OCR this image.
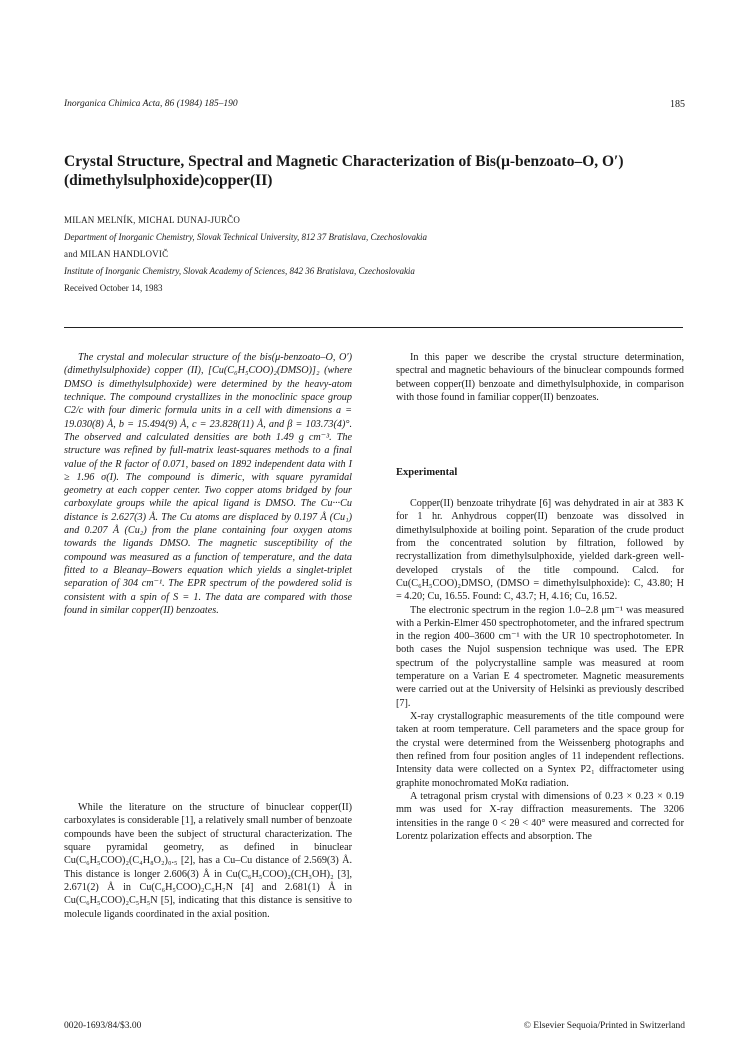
Inorganica Chimica Acta, 86 (1984) 185–190	185
Crystal Structure, Spectral and Magnetic Characterization of Bis(μ-benzoato–O, O′)(dimethylsulphoxide)copper(II)
MILAN MELNÍK, MICHAL DUNAJ-JURČO
Department of Inorganic Chemistry, Slovak Technical University, 812 37 Bratislava, Czechoslovakia
and MILAN HANDLOVIČ
Institute of Inorganic Chemistry, Slovak Academy of Sciences, 842 36 Bratislava, Czechoslovakia
Received October 14, 1983

The crystal and molecular structure of the bis(μ-benzoato–O, O′) (dimethylsulphoxide) copper (II), [Cu(C₆H₅COO)₂(DMSO)]₂ (where DMSO is dimethylsulphoxide) were determined by the heavy-atom technique. The compound crystallizes in the monoclinic space group C2/c with four dimeric formula units in a cell with dimensions a = 19.030(8) Å, b = 15.494(9) Å, c = 23.828(11) Å, and β = 103.73(4)°. The observed and calculated densities are both 1.49 g cm⁻³. The structure was refined by full-matrix least-squares methods to a final value of the R factor of 0.071, based on 1892 independent data with I ≥ 1.96 σ(I). The compound is dimeric, with square pyramidal geometry at each copper center. Two copper atoms bridged by four carboxylate groups while the apical ligand is DMSO. The Cu···Cu distance is 2.627(3) Å. The Cu atoms are displaced by 0.197 Å (Cu₁) and 0.207 Å (Cu₂) from the plane containing four oxygen atoms towards the ligands DMSO. The magnetic susceptibility of the compound was measured as a function of temperature, and the data fitted to a Bleanay–Bowers equation which yields a singlet-triplet separation of 304 cm⁻¹. The EPR spectrum of the powdered solid is consistent with a spin of S = 1. The data are compared with those found in similar copper(II) benzoates.

While the literature on the structure of binuclear copper(II) carboxylates is considerable [1], a relatively small number of benzoate compounds have been the subject of structural characterization. The square pyramidal geometry, as defined in binuclear Cu(C₆H₅COO)₂(C₄H₈O₂)₀.₅ [2], has a Cu–Cu distance of 2.569(3) Å. This distance is longer 2.606(3) Å in Cu(C₆H₅COO)₂(CH₃OH)₂ [3], 2.671(2) Å in Cu(C₆H₅COO)₂C₉H₇N [4] and 2.681(1) Å in Cu(C₆H₅COO)₂C₅H₅N [5], indicating that this distance is sensitive to molecule ligands coordinated in the axial position.

In this paper we describe the crystal structure determination, spectral and magnetic behaviours of the binuclear compounds formed between copper(II) benzoate and dimethylsulphoxide, in comparison with those found in familiar copper(II) benzoates.

Experimental

Copper(II) benzoate trihydrate [6] was dehydrated in air at 383 K for 1 hr. Anhydrous copper(II) benzoate was dissolved in dimethylsulphoxide at boiling point. Separation of the crude product from the concentrated solution by filtration, followed by recrystallization from dimethylsulphoxide, yielded dark-green well-developed crystals of the title compound. Calcd. for Cu(C₆H₅COO)₂DMSO, (DMSO = dimethylsulphoxide): C, 43.80; H = 4.20; Cu, 16.55. Found: C, 43.7; H, 4.16; Cu, 16.52.

The electronic spectrum in the region 1.0–2.8 μm⁻¹ was measured with a Perkin-Elmer 450 spectrophotometer, and the infrared spectrum in the region 400–3600 cm⁻¹ with the UR 10 spectrophotometer. In both cases the Nujol suspension technique was used. The EPR spectrum of the polycrystalline sample was measured at room temperature on a Varian E 4 spectrometer. Magnetic measurements were carried out at the University of Helsinki as previously described [7].

X-ray crystallographic measurements of the title compound were taken at room temperature. Cell parameters and the space group for the crystal were determined from the Weissenberg photographs and then refined from four position angles of 11 independent reflections. Intensity data were collected on a Syntex P2₁ diffractometer using graphite monochromated MoKα radiation.

A tetragonal prism crystal with dimensions of 0.23 × 0.23 × 0.19 mm was used for X-ray diffraction measurements. The 3206 intensities in the range 0 < 2θ < 40° were measured and corrected for Lorentz polarization effects and absorption. The

0020-1693/84/$3.00	© Elsevier Sequoia/Printed in Switzerland
